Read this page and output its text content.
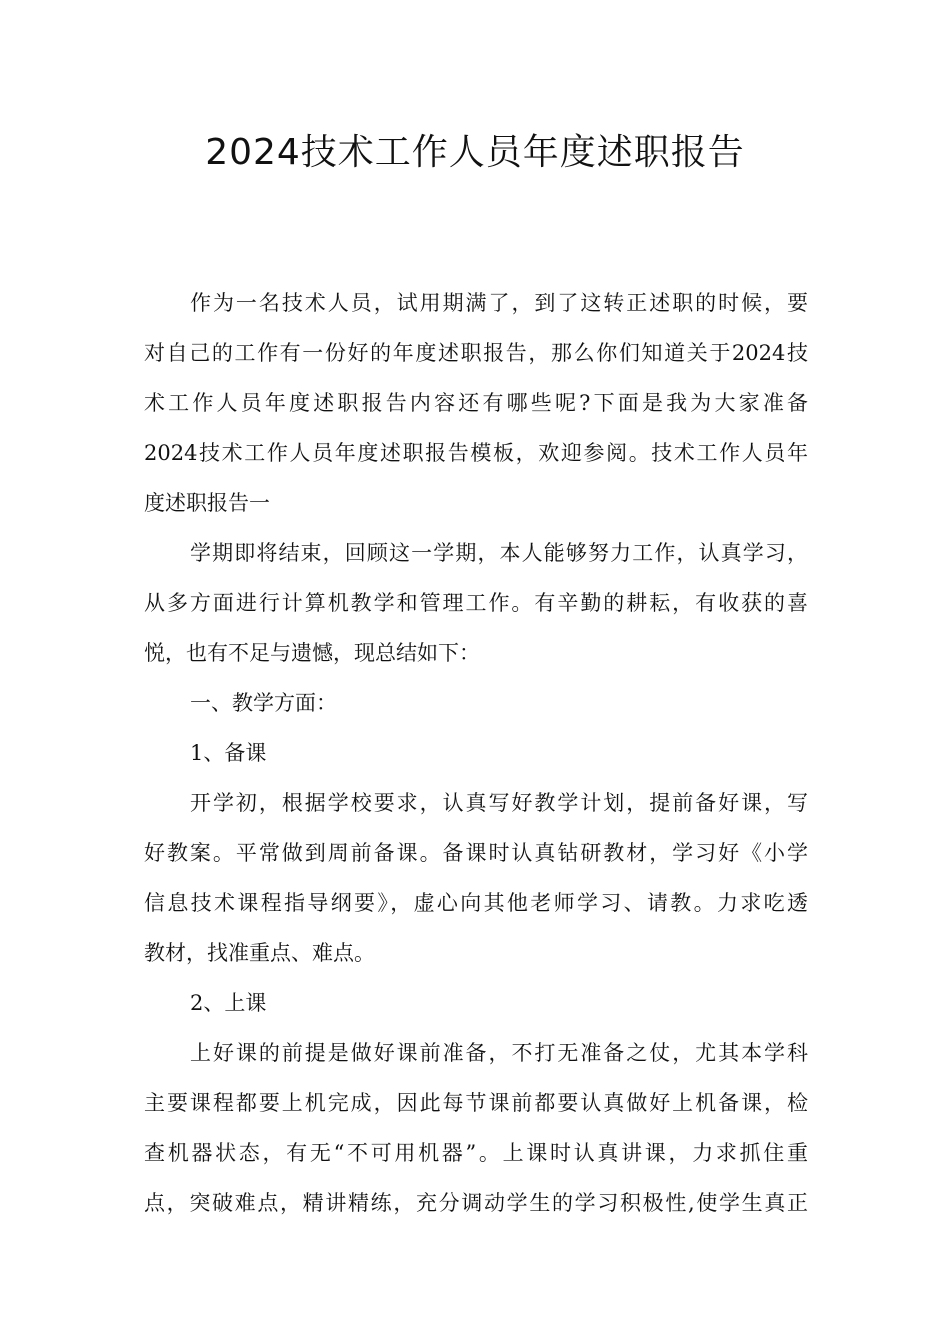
2024技术工作人员年度述职报告
作为一名技术人员，试用期满了，到了这转正述职的时候，要
对自己的工作有一份好的年度述职报告，那么你们知道关于2024技
术工作人员年度述职报告内容还有哪些呢?下面是我为大家准备
2024技术工作人员年度述职报告模板，欢迎参阅。技术工作人员年
度述职报告一
学期即将结束，回顾这一学期，本人能够努力工作，认真学习，
从多方面进行计算机教学和管理工作。有辛勤的耕耘，有收获的喜
悦，也有不足与遗憾，现总结如下：
一、教学方面：
1、备课
开学初，根据学校要求，认真写好教学计划，提前备好课，写
好教案。平常做到周前备课。备课时认真钻研教材，学习好《小学
信息技术课程指导纲要》，虚心向其他老师学习、请教。力求吃透
教材，找准重点、难点。
2、上课
上好课的前提是做好课前准备，不打无准备之仗，尤其本学科
主要课程都要上机完成，因此每节课前都要认真做好上机备课，检
查机器状态，有无“不可用机器”。上课时认真讲课，力求抓住重
点，突破难点，精讲精练，充分调动学生的学习积极性,使学生真正
